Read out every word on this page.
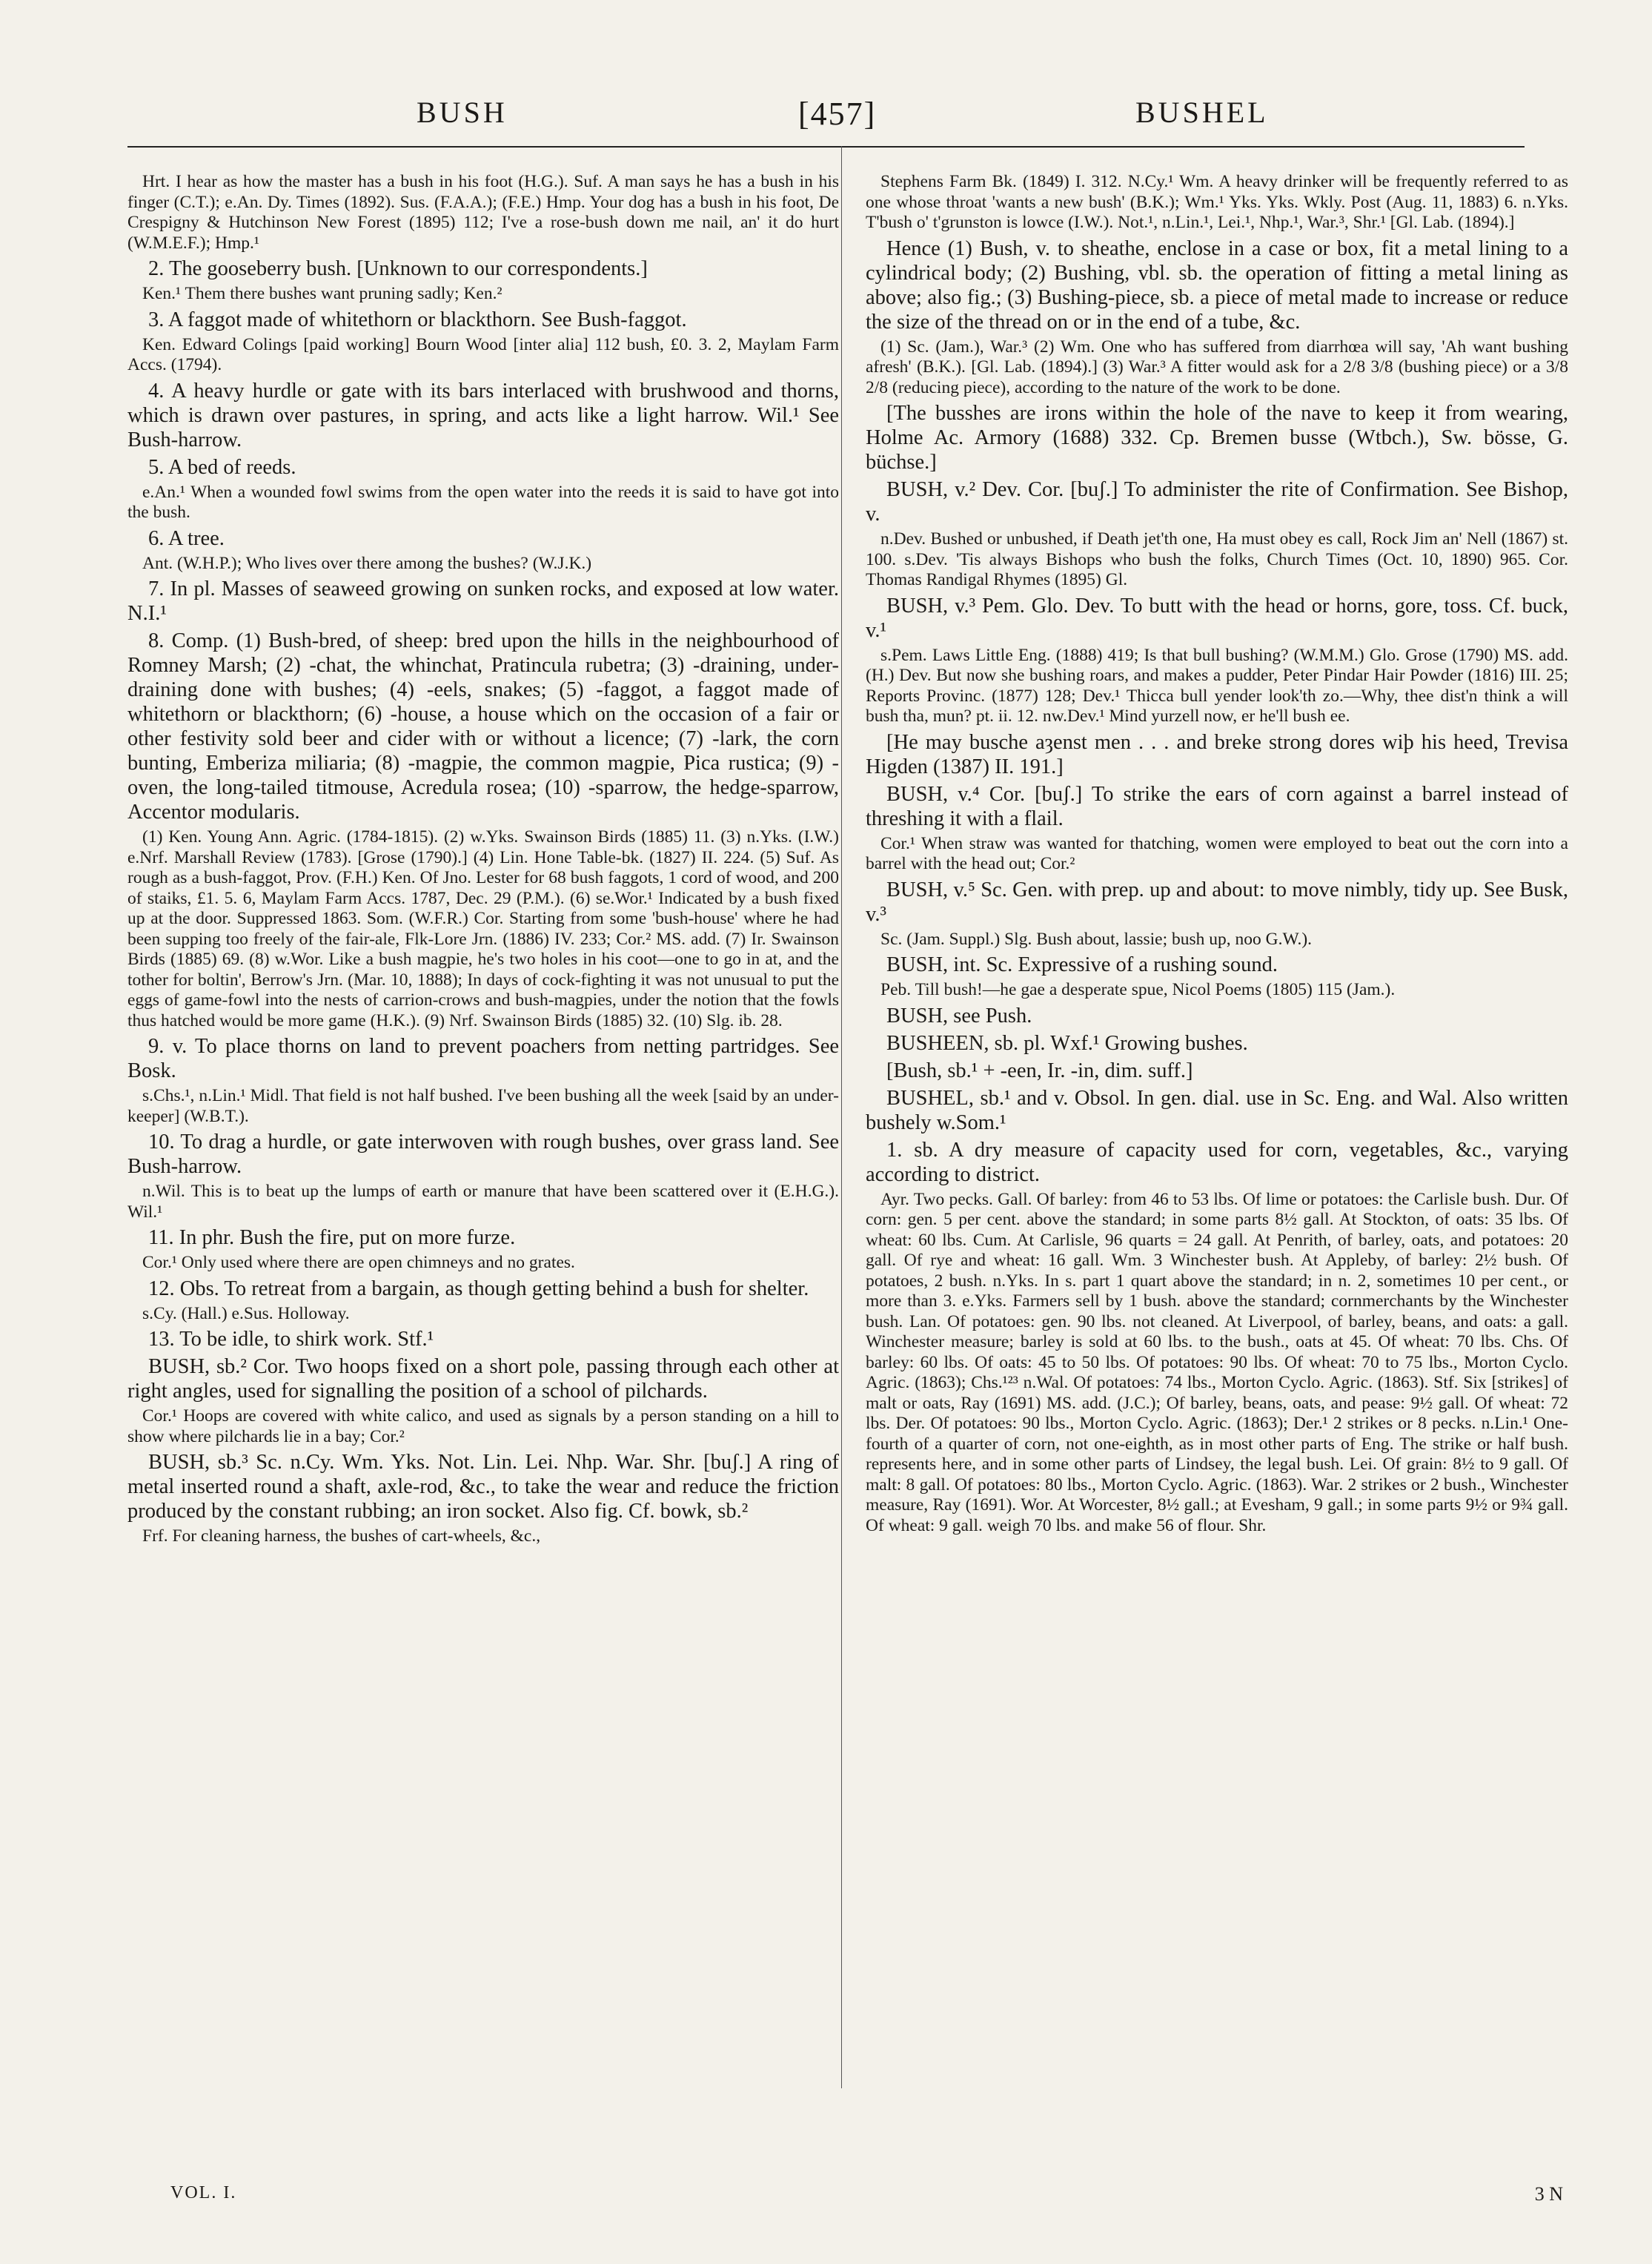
BUSH	[457]	BUSHEL

Hrt. I hear as how the master has a bush in his foot (H.G.). Suf. A man says he has a bush in his finger (C.T.); e.An. Dy. Times (1892). Sus. (F.A.A.); (F.E.) Hmp. Your dog has a bush in his foot, De Crespigny & Hutchinson New Forest (1895) 112; I've a rose-bush down me nail, an' it do hurt (W.M.E.F.); Hmp.¹

2. The gooseberry bush. [Unknown to our correspondents.]

Ken.¹ Them there bushes want pruning sadly; Ken.²

3. A faggot made of whitethorn or blackthorn. See Bush-faggot.

Ken. Edward Colings [paid working] Bourn Wood [inter alia] 112 bush, £0. 3. 2, Maylam Farm Accs. (1794).

4. A heavy hurdle or gate with its bars interlaced with brushwood and thorns, which is drawn over pastures, in spring, and acts like a light harrow. Wil.¹ See Bush-harrow.

5. A bed of reeds.

e.An.¹ When a wounded fowl swims from the open water into the reeds it is said to have got into the bush.

6. A tree.

Ant. (W.H.P.); Who lives over there among the bushes? (W.J.K.)

7. In pl. Masses of seaweed growing on sunken rocks, and exposed at low water. N.I.¹

8. Comp. (1) Bush-bred, of sheep: bred upon the hills in the neighbourhood of Romney Marsh; (2) -chat, the whinchat, Pratincula rubetra; (3) -draining, under-draining done with bushes; (4) -eels, snakes; (5) -faggot, a faggot made of whitethorn or blackthorn; (6) -house, a house which on the occasion of a fair or other festivity sold beer and cider with or without a licence; (7) -lark, the corn bunting, Emberiza miliaria; (8) -magpie, the common magpie, Pica rustica; (9) -oven, the long-tailed titmouse, Acredula rosea; (10) -sparrow, the hedge-sparrow, Accentor modularis.

(1) Ken. Young Ann. Agric. (1784-1815). (2) w.Yks. Swainson Birds (1885) 11. (3) n.Yks. (I.W.) e.Nrf. Marshall Review (1783). [Grose (1790).] (4) Lin. Hone Table-bk. (1827) II. 224. (5) Suf. As rough as a bush-faggot, Prov. (F.H.) Ken. Of Jno. Lester for 68 bush faggots, 1 cord of wood, and 200 of staiks, £1. 5. 6, Maylam Farm Accs. 1787, Dec. 29 (P.M.). (6) se.Wor.¹ Indicated by a bush fixed up at the door. Suppressed 1863. Som. (W.F.R.) Cor. Starting from some 'bush-house' where he had been supping too freely of the fair-ale, Flk-Lore Jrn. (1886) IV. 233; Cor.² MS. add. (7) Ir. Swainson Birds (1885) 69. (8) w.Wor. Like a bush magpie, he's two holes in his coot—one to go in at, and the tother for boltin', Berrow's Jrn. (Mar. 10, 1888); In days of cock-fighting it was not unusual to put the eggs of game-fowl into the nests of carrion-crows and bush-magpies, under the notion that the fowls thus hatched would be more game (H.K.). (9) Nrf. Swainson Birds (1885) 32. (10) Slg. ib. 28.

9. v. To place thorns on land to prevent poachers from netting partridges. See Bosk.

s.Chs.¹, n.Lin.¹ Midl. That field is not half bushed. I've been bushing all the week [said by an under-keeper] (W.B.T.).

10. To drag a hurdle, or gate interwoven with rough bushes, over grass land. See Bush-harrow.

n.Wil. This is to beat up the lumps of earth or manure that have been scattered over it (E.H.G.). Wil.¹

11. In phr. Bush the fire, put on more furze.

Cor.¹ Only used where there are open chimneys and no grates.

12. Obs. To retreat from a bargain, as though getting behind a bush for shelter.

s.Cy. (Hall.) e.Sus. Holloway.

13. To be idle, to shirk work. Stf.¹

BUSH, sb.² Cor. Two hoops fixed on a short pole, passing through each other at right angles, used for signalling the position of a school of pilchards.

Cor.¹ Hoops are covered with white calico, and used as signals by a person standing on a hill to show where pilchards lie in a bay; Cor.²

BUSH, sb.³ Sc. n.Cy. Wm. Yks. Not. Lin. Lei. Nhp. War. Shr. [buʃ.] A ring of metal inserted round a shaft, axle-rod, &c., to take the wear and reduce the friction produced by the constant rubbing; an iron socket. Also fig. Cf. bowk, sb.²

Frf. For cleaning harness, the bushes of cart-wheels, &c.,

Stephens Farm Bk. (1849) I. 312. N.Cy.¹ Wm. A heavy drinker will be frequently referred to as one whose throat 'wants a new bush' (B.K.); Wm.¹ Yks. Yks. Wkly. Post (Aug. 11, 1883) 6. n.Yks. T'bush o' t'grunston is lowce (I.W.). Not.¹, n.Lin.¹, Lei.¹, Nhp.¹, War.³, Shr.¹ [Gl. Lab. (1894).]

Hence (1) Bush, v. to sheathe, enclose in a case or box, fit a metal lining to a cylindrical body; (2) Bushing, vbl. sb. the operation of fitting a metal lining as above; also fig.; (3) Bushing-piece, sb. a piece of metal made to increase or reduce the size of the thread on or in the end of a tube, &c.

(1) Sc. (Jam.), War.³ (2) Wm. One who has suffered from diarrhœa will say, 'Ah want bushing afresh' (B.K.). [Gl. Lab. (1894).] (3) War.³ A fitter would ask for a 2/8 3/8 (bushing piece) or a 3/8 2/8 (reducing piece), according to the nature of the work to be done.

[The busshes are irons within the hole of the nave to keep it from wearing, Holme Ac. Armory (1688) 332. Cp. Bremen busse (Wtbch.), Sw. bösse, G. büchse.]

BUSH, v.² Dev. Cor. [buʃ.] To administer the rite of Confirmation. See Bishop, v.

n.Dev. Bushed or unbushed, if Death jet'th one, Ha must obey es call, Rock Jim an' Nell (1867) st. 100. s.Dev. 'Tis always Bishops who bush the folks, Church Times (Oct. 10, 1890) 965. Cor. Thomas Randigal Rhymes (1895) Gl.

BUSH, v.³ Pem. Glo. Dev. To butt with the head or horns, gore, toss. Cf. buck, v.¹

s.Pem. Laws Little Eng. (1888) 419; Is that bull bushing? (W.M.M.) Glo. Grose (1790) MS. add. (H.) Dev. But now she bushing roars, and makes a pudder, Peter Pindar Hair Powder (1816) III. 25; Reports Provinc. (1877) 128; Dev.¹ Thicca bull yender look'th zo.—Why, thee dist'n think a will bush tha, mun? pt. ii. 12. nw.Dev.¹ Mind yurzell now, er he'll bush ee.

[He may busche aȝenst men . . . and breke strong dores wiþ his heed, Trevisa Higden (1387) II. 191.]

BUSH, v.⁴ Cor. [buʃ.] To strike the ears of corn against a barrel instead of threshing it with a flail.

Cor.¹ When straw was wanted for thatching, women were employed to beat out the corn into a barrel with the head out; Cor.²

BUSH, v.⁵ Sc. Gen. with prep. up and about: to move nimbly, tidy up. See Busk, v.³

Sc. (Jam. Suppl.) Slg. Bush about, lassie; bush up, noo G.W.).

BUSH, int. Sc. Expressive of a rushing sound.

Peb. Till bush!—he gae a desperate spue, Nicol Poems (1805) 115 (Jam.).

BUSH, see Push.

BUSHEEN, sb. pl. Wxf.¹ Growing bushes.

[Bush, sb.¹ + -een, Ir. -in, dim. suff.]

BUSHEL, sb.¹ and v. Obsol. In gen. dial. use in Sc. Eng. and Wal. Also written bushely w.Som.¹

1. sb. A dry measure of capacity used for corn, vegetables, &c., varying according to district.

Ayr. Two pecks. Gall. Of barley: from 46 to 53 lbs. Of lime or potatoes: the Carlisle bush. Dur. Of corn: gen. 5 per cent. above the standard; in some parts 8½ gall. At Stockton, of oats: 35 lbs. Of wheat: 60 lbs. Cum. At Carlisle, 96 quarts = 24 gall. At Penrith, of barley, oats, and potatoes: 20 gall. Of rye and wheat: 16 gall. Wm. 3 Winchester bush. At Appleby, of barley: 2½ bush. Of potatoes, 2 bush. n.Yks. In s. part 1 quart above the standard; in n. 2, sometimes 10 per cent., or more than 3. e.Yks. Farmers sell by 1 bush. above the standard; cornmerchants by the Winchester bush. Lan. Of potatoes: gen. 90 lbs. not cleaned. At Liverpool, of barley, beans, and oats: a gall. Winchester measure; barley is sold at 60 lbs. to the bush., oats at 45. Of wheat: 70 lbs. Chs. Of barley: 60 lbs. Of oats: 45 to 50 lbs. Of potatoes: 90 lbs. Of wheat: 70 to 75 lbs., Morton Cyclo. Agric. (1863); Chs.¹²³ n.Wal. Of potatoes: 74 lbs., Morton Cyclo. Agric. (1863). Stf. Six [strikes] of malt or oats, Ray (1691) MS. add. (J.C.); Of barley, beans, oats, and pease: 9½ gall. Of wheat: 72 lbs. Der. Of potatoes: 90 lbs., Morton Cyclo. Agric. (1863); Der.¹ 2 strikes or 8 pecks. n.Lin.¹ One-fourth of a quarter of corn, not one-eighth, as in most other parts of Eng. The strike or half bush. represents here, and in some other parts of Lindsey, the legal bush. Lei. Of grain: 8½ to 9 gall. Of malt: 8 gall. Of potatoes: 80 lbs., Morton Cyclo. Agric. (1863). War. 2 strikes or 2 bush., Winchester measure, Ray (1691). Wor. At Worcester, 8½ gall.; at Evesham, 9 gall.; in some parts 9½ or 9¾ gall. Of wheat: 9 gall. weigh 70 lbs. and make 56 of flour. Shr.

VOL. I.	3 N
